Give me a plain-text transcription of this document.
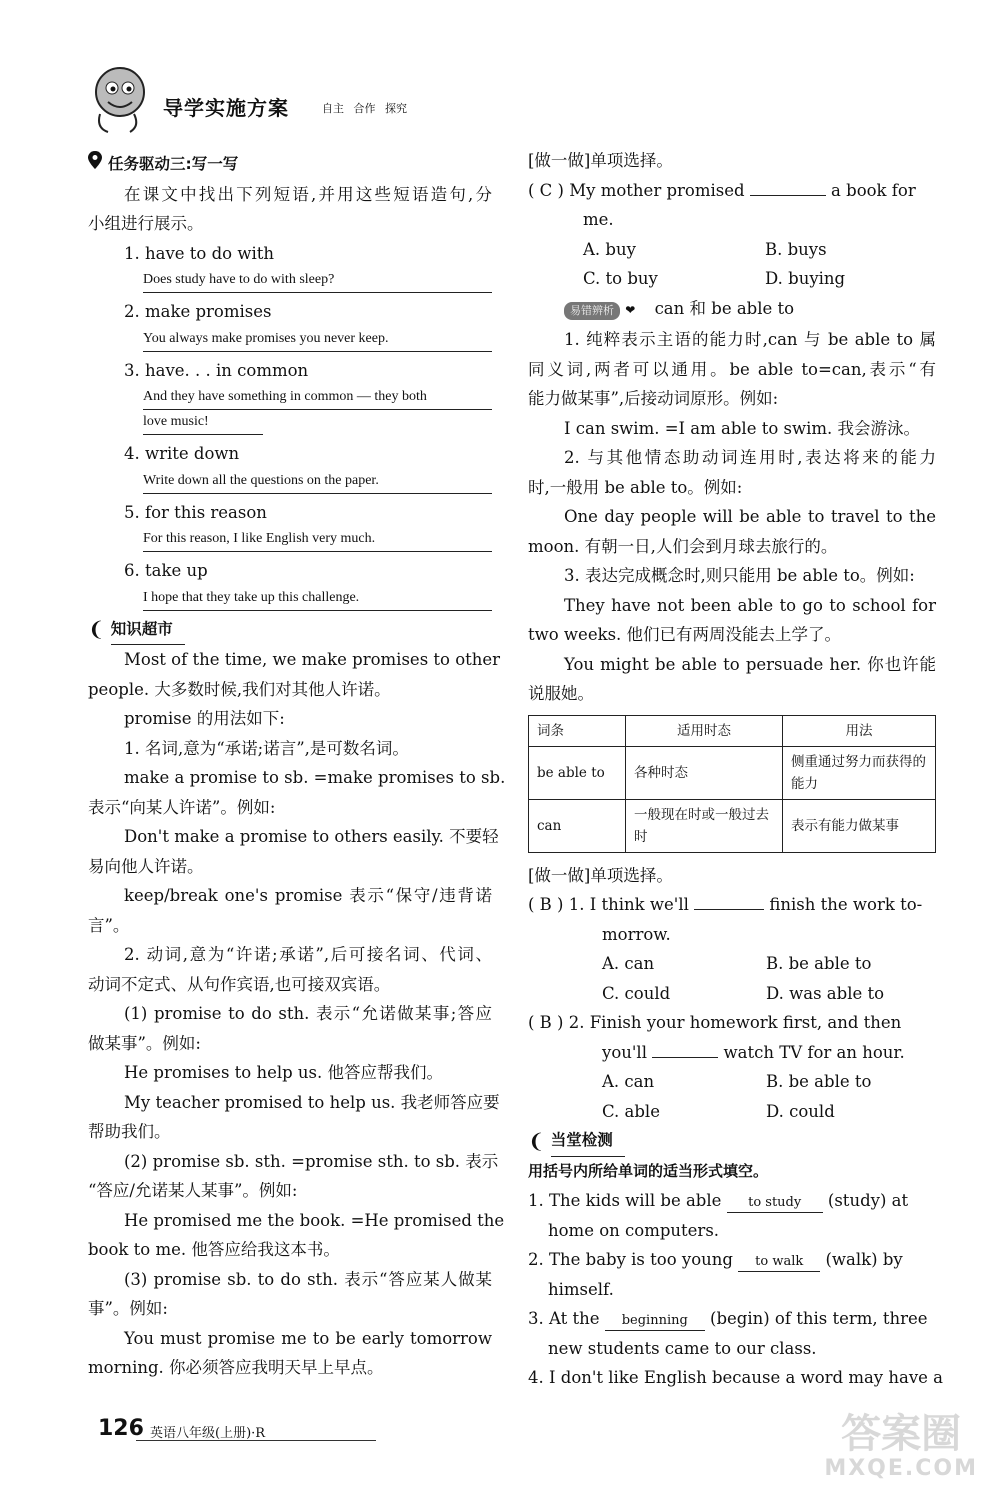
导学实施方案	自主 合作 探究
任务驱动三:写一写
在课文中找出下列短语,并用这些短语造句,分
小组进行展示。
1. have to do with
Does study have to do with sleep?
2. make promises
You always make promises you never keep.
3. have. . . in common
And they have something in common — they both
love music!
4. write down
Write down all the questions on the paper.
5. for this reason
For this reason, I like English very much.
6. take up
I hope that they take up this challenge.
❨ 知识超市
Most of the time, we make promises to other
people. 大多数时候,我们对其他人许诺。
promise 的用法如下:
1. 名词,意为“承诺;诺言”,是可数名词。
make a promise to sb. =make promises to sb.
表示“向某人许诺”。例如:
Don't make a promise to others easily. 不要轻
易向他人许诺。
keep/break one's promise 表示“保守/违背诺
言”。
2. 动词,意为“许诺;承诺”,后可接名词、代词、
动词不定式、从句作宾语,也可接双宾语。
(1) promise to do sth. 表示“允诺做某事;答应
做某事”。例如:
He promises to help us. 他答应帮我们。
My teacher promised to help us. 我老师答应要
帮助我们。
(2) promise sb. sth. =promise sth. to sb. 表示
“答应/允诺某人某事”。例如:
He promised me the book. =He promised the
book to me. 他答应给我这本书。
(3) promise sb. to do sth. 表示“答应某人做某
事”。例如:
You must promise me to be early tomorrow
morning. 你必须答应我明天早上早点。
[做一做]单项选择。
( C ) My mother promised	a book for
me.
A. buy	B. buys
C. to buy	D. buying
易错辨析 ❤ can 和 be able to
1. 纯粹表示主语的能力时,can 与 be able to 属
同义词,两者可以通用。be able to=can,表示“有
能力做某事”,后接动词原形。例如:
I can swim. =I am able to swim. 我会游泳。
2. 与其他情态助动词连用时,表达将来的能力
时,一般用 be able to。例如:
One day people will be able to travel to the
moon. 有朝一日,人们会到月球去旅行的。
3. 表达完成概念时,则只能用 be able to。例如:
They have not been able to go to school for
two weeks. 他们已有两周没能去上学了。
You might be able to persuade her. 你也许能
说服她。
词条	适用时态	用法
be able to	各种时态	侧重通过努力而获得的能力
can	一般现在时或一般过去时	表示有能力做某事
[做一做]单项选择。
( B ) 1. I think we'll	finish the work to-
morrow.
A. can	B. be able to
C. could	D. was able to
( B ) 2. Finish your homework first, and then
you'll	watch TV for an hour.
A. can	B. be able to
C. able	D. could
❨ 当堂检测
用括号内所给单词的适当形式填空。
1. The kids will be able to study (study) at
home on computers.
2. The baby is too young to walk (walk) by
himself.
3. At the beginning (begin) of this term, three
new students came to our class.
4. I don't like English because a word may have a
126 英语八年级(上册)·R	答案圈
MXQE.COM
